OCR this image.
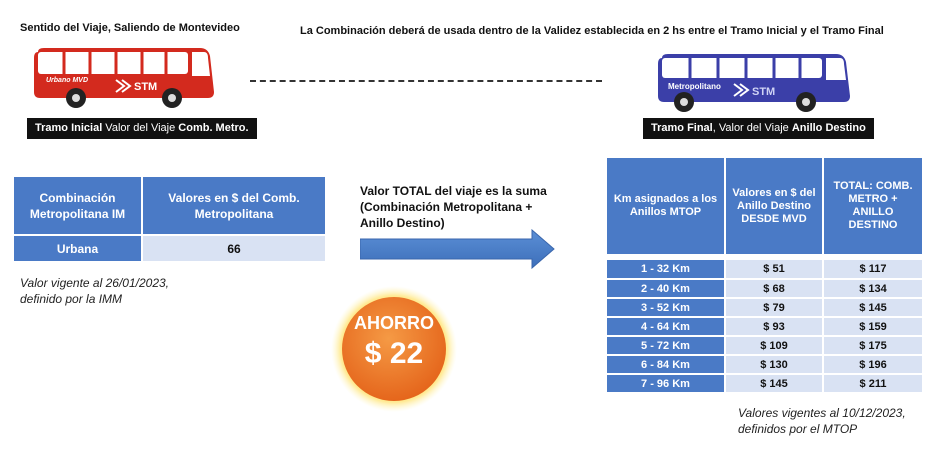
Sentido del Viaje, Saliendo de Montevideo	La Combinación deberá de usada dentro de la Validez establecida en 2 hs entre el Tramo Inicial y el Tramo Final
Urbano MVD
STM
Tramo Inicial Valor del Viaje Comb. Metro.
Metropolitano	STM
Tramo Final, Valor del Viaje Anillo Destino
Combinación Metropolitana IM	Valores en $ del Comb. Metropolitana
Urbana	66
Valor vigente al 26/01/2023,
definido por la IMM
Valor TOTAL del viaje es la suma
(Combinación Metropolitana +
Anillo Destino)
AHORRO
$ 22
Km asignados a los Anillos MTOP	Valores en $ del Anillo Destino DESDE MVD	TOTAL: COMB. METRO + ANILLO DESTINO

1 - 32 Km	$ 51	$ 117
2 - 40 Km	$ 68	$ 134
3 - 52 Km	$ 79	$ 145
4 - 64 Km	$ 93	$ 159
5 - 72 Km	$ 109	$ 175
6 - 84 Km	$ 130	$ 196
7 - 96 Km	$ 145	$ 211
Valores vigentes al 10/12/2023,
definidos por el MTOP
